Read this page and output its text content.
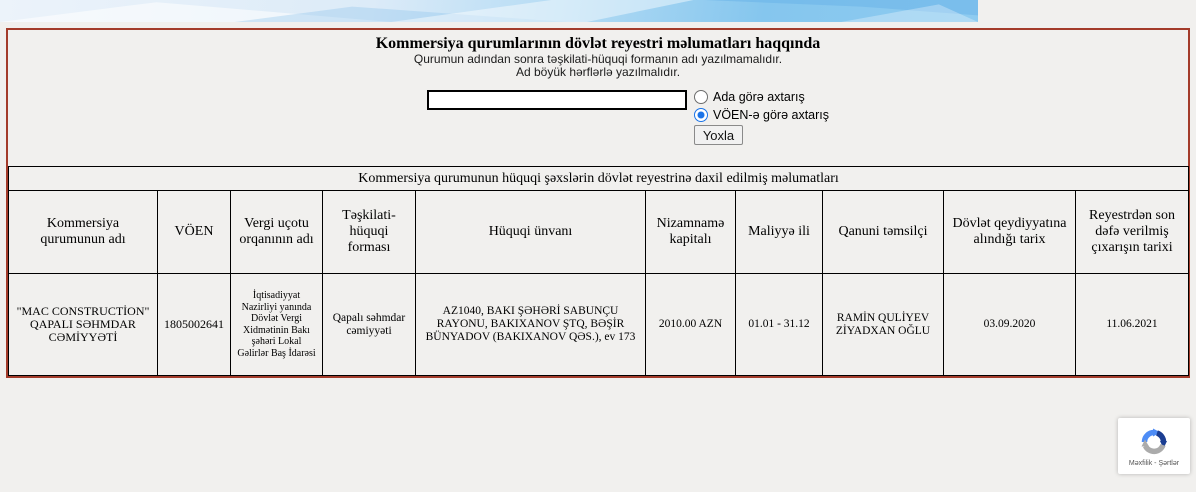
Kommersiya qurumlarının dövlət reyestri məlumatları haqqında
Qurumun adından sonra təşkilati-hüquqi formanın adı yazılmamalıdır.
Ad böyük hərflərlə yazılmalıdır.
Ada görə axtarış
VÖEN-ə görə axtarış
Yoxla
Kommersiya qurumunun hüquqi şəxslərin dövlət reyestrinə daxil edilmiş məlumatları									
Kommersiya qurumunun adı	VÖEN	Vergi uçotu orqanının adı	Təşkilati-hüquqi forması	Hüquqi ünvanı	Nizamnamə kapitalı	Maliyyə ili	Qanuni təmsilçi	Dövlət qeydiyyatına alındığı tarix	Reyestrdən son dəfə verilmiş çıxarışın tarixi
"MAC CONSTRUCTİON" QAPALI SƏHMDAR CƏMİYYƏTİ	1805002641	İqtisadiyyat Nazirliyi yanında Dövlət Vergi Xidmətinin Bakı şəhəri Lokal Gəlirlər Baş İdarəsi	Qapalı səhmdar cəmiyyəti	AZ1040, BAKI ŞƏHƏRİ SABUNÇU RAYONU, BAKIXANOV ŞTQ, BƏŞİR BÜNYADOV (BAKIXANOV QƏS.), ev 173	2010.00 AZN	01.01 - 31.12	RAMİN QULİYEV ZİYADXAN OĞLU	03.09.2020	11.06.2021
Məxfilik - Şərtlər
